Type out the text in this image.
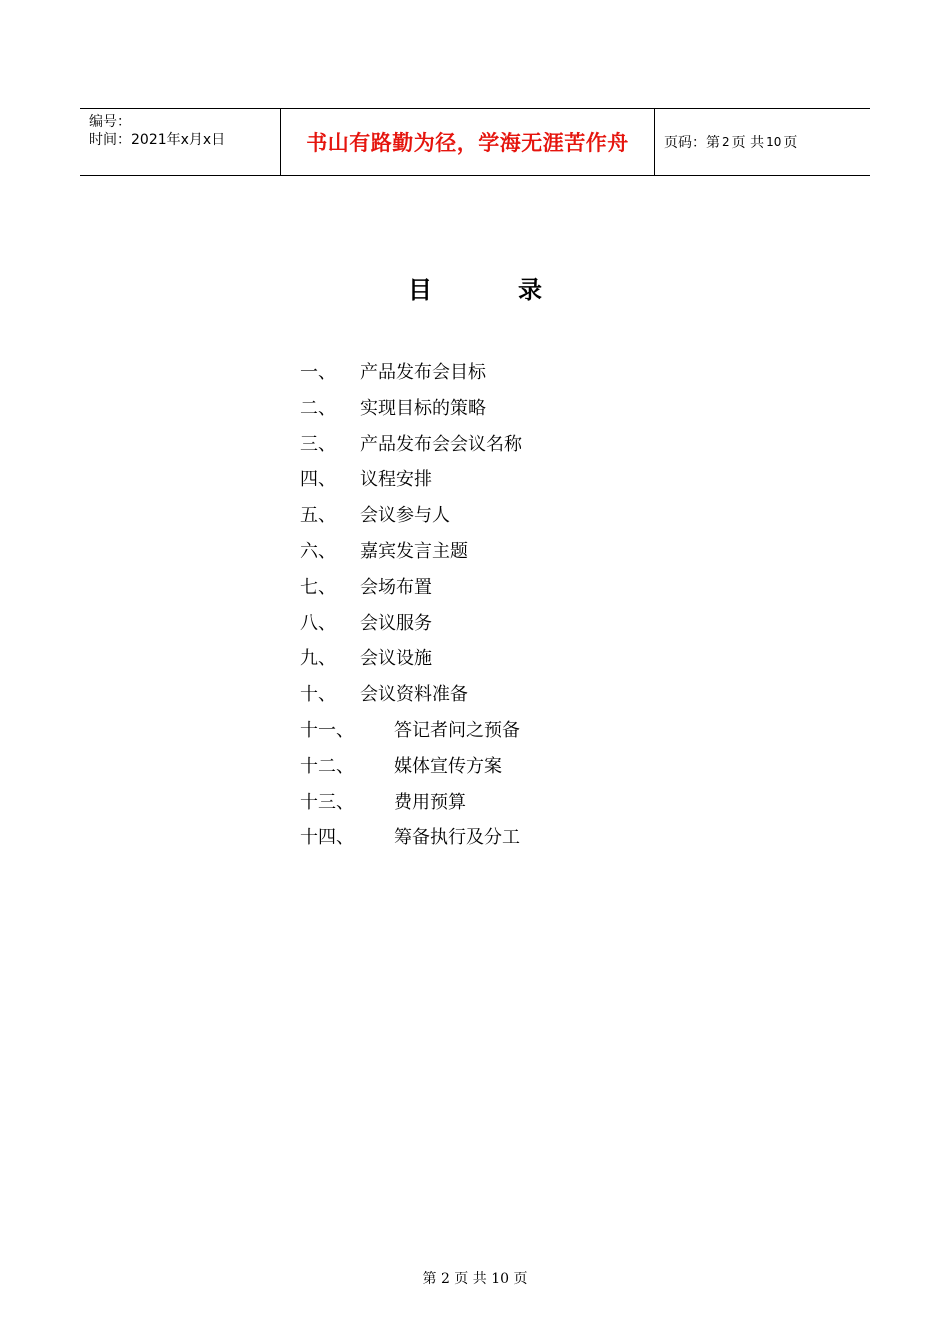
编号：
时间：2021年x月x日	书山有路勤为径，学海无涯苦作舟	页码：第 2 页 共 10 页
目	录
一、 产品发布会目标
二、 实现目标的策略
三、 产品发布会会议名称
四、 议程安排
五、 会议参与人
六、 嘉宾发言主题
七、 会场布置
八、 会议服务
九、 会议设施
十、 会议资料准备
十一、 答记者问之预备
十二、 媒体宣传方案
十三、 费用预算
十四、 筹备执行及分工
第 2 页 共 10 页
